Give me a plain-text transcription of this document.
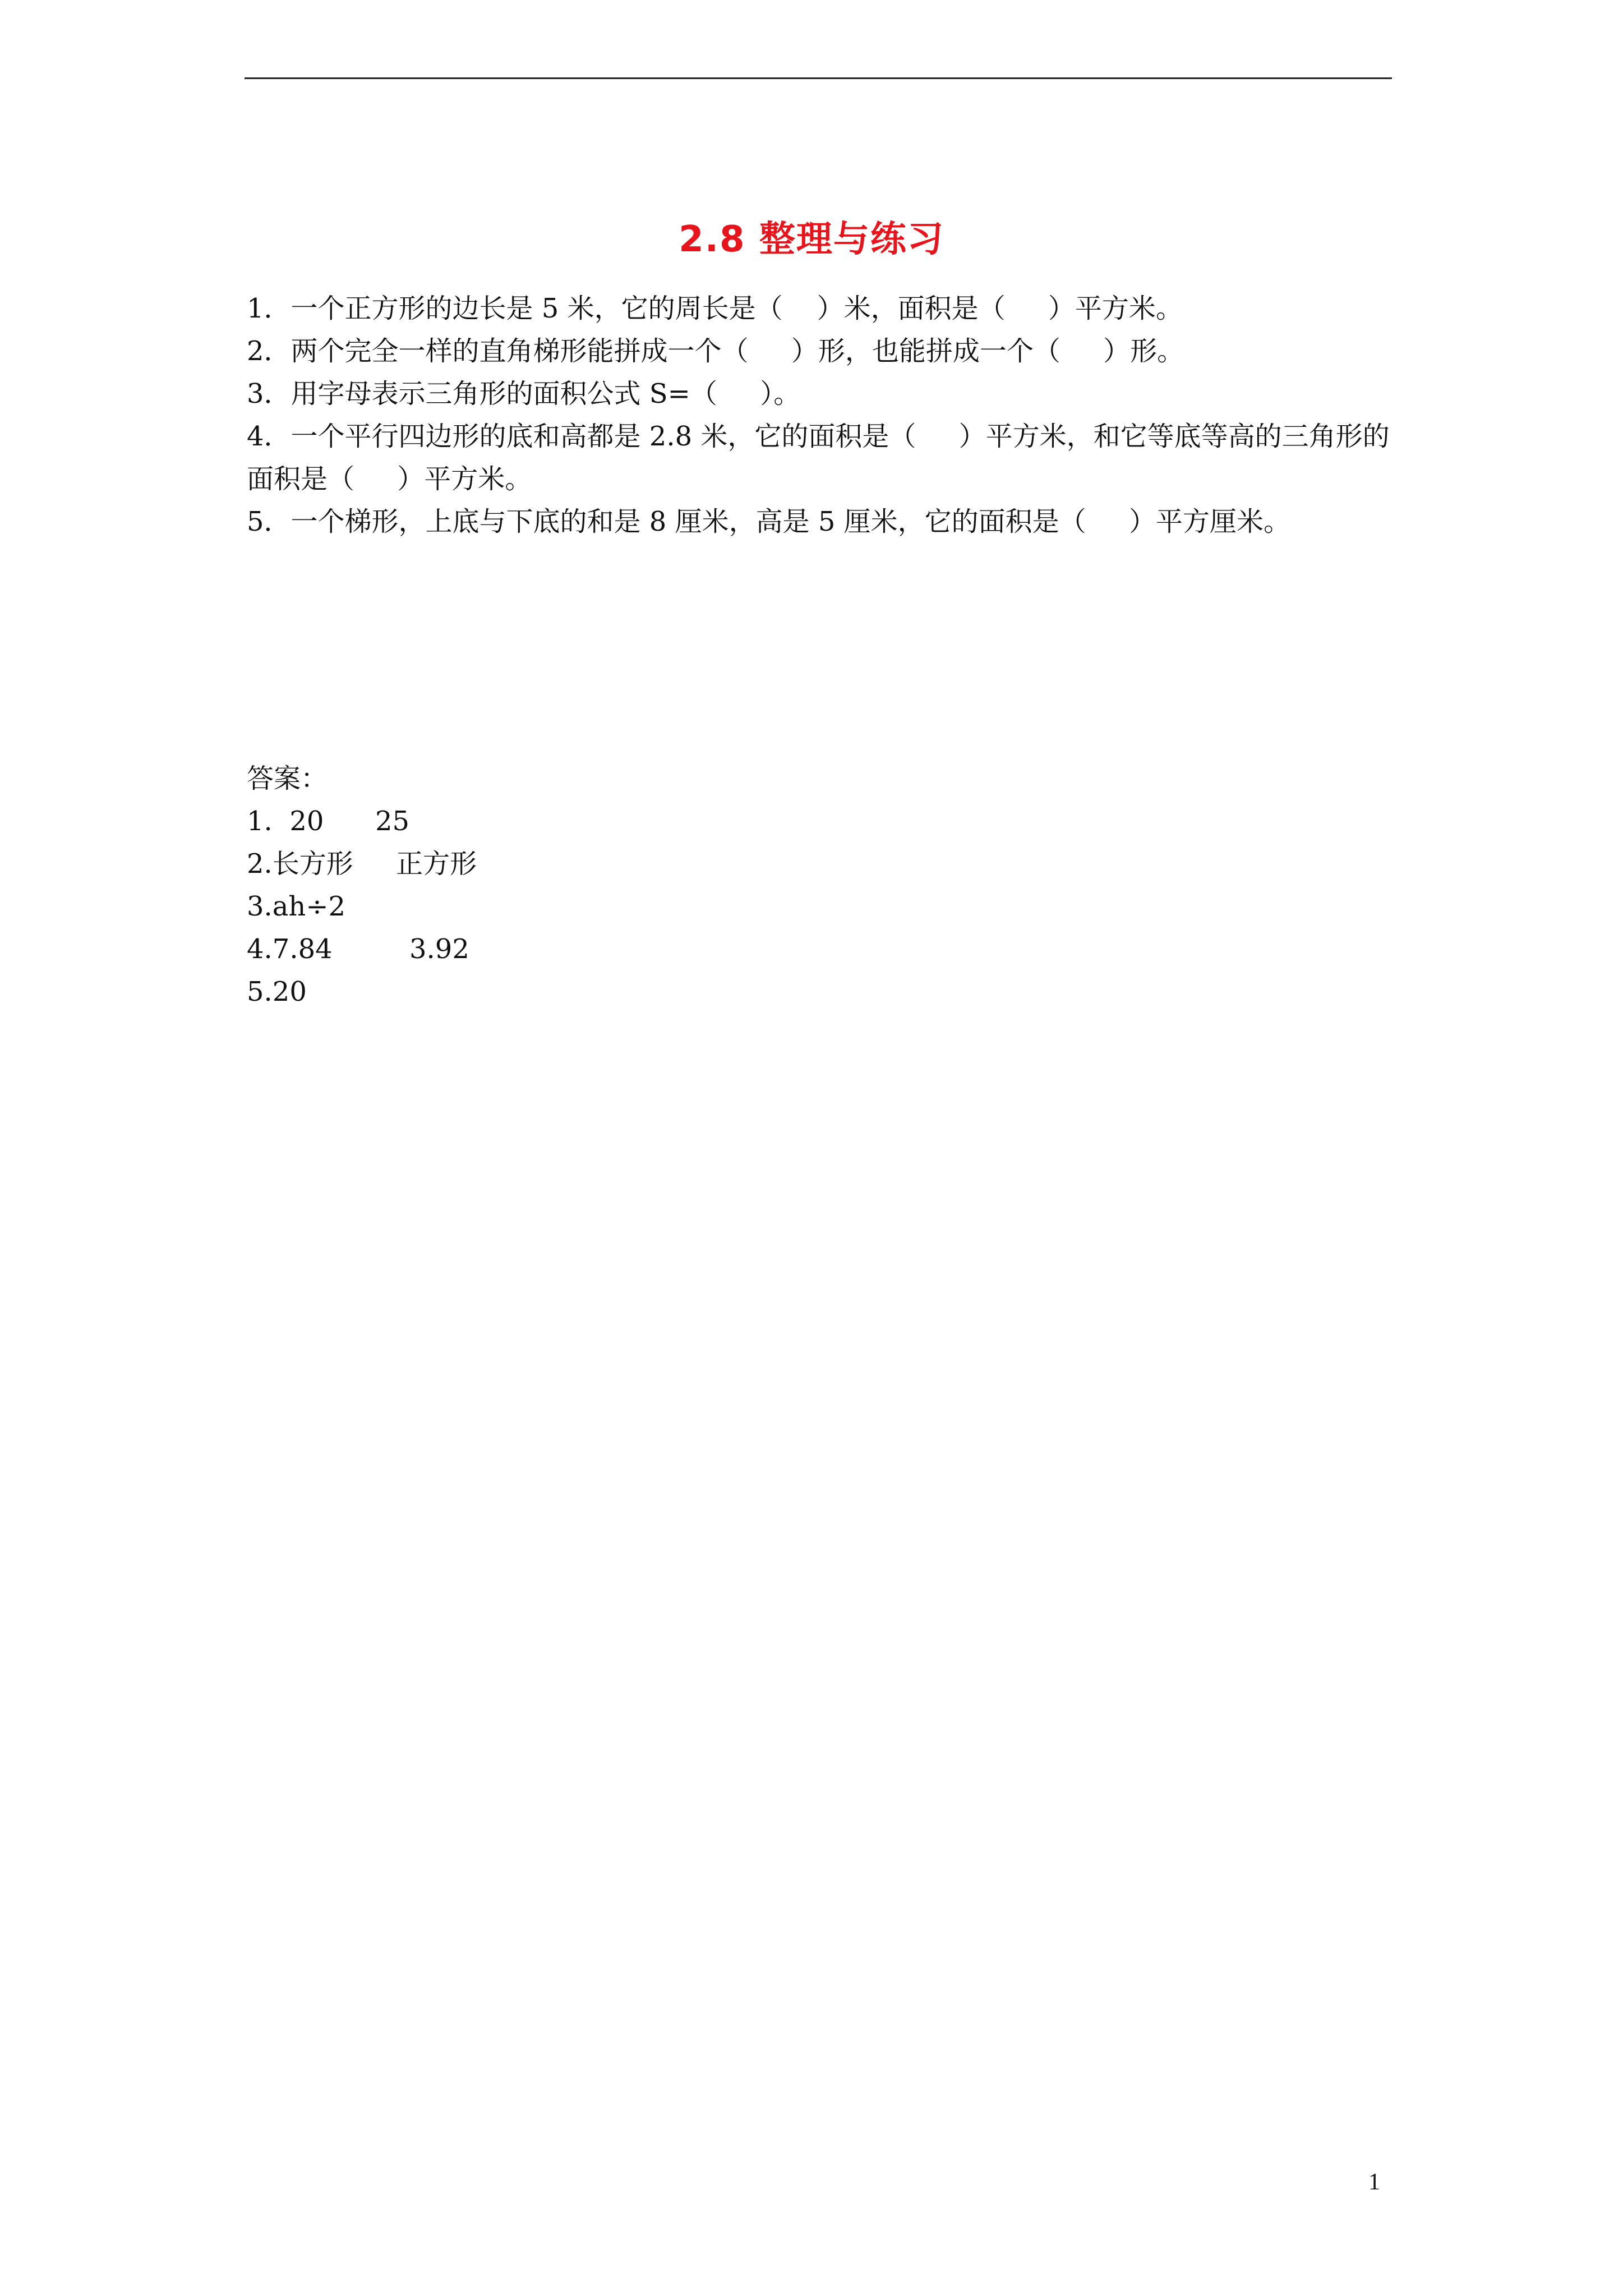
2.8 整理与练习

1．一个正方形的边长是 5 米，它的周长是（    ）米，面积是（     ）平方米。

2．两个完全一样的直角梯形能拼成一个（     ）形，也能拼成一个（     ）形。

3．用字母表示三角形的面积公式 S=（     ）。

4．一个平行四边形的底和高都是 2.8 米，它的面积是（     ）平方米，和它等底等高的三角形的面积是（     ）平方米。

5．一个梯形，上底与下底的和是 8 厘米，高是 5 厘米，它的面积是（     ）平方厘米。

答案：

1.  20      25

2.长方形     正方形

3.ah÷2

4.7.84         3.92

5.20

1
